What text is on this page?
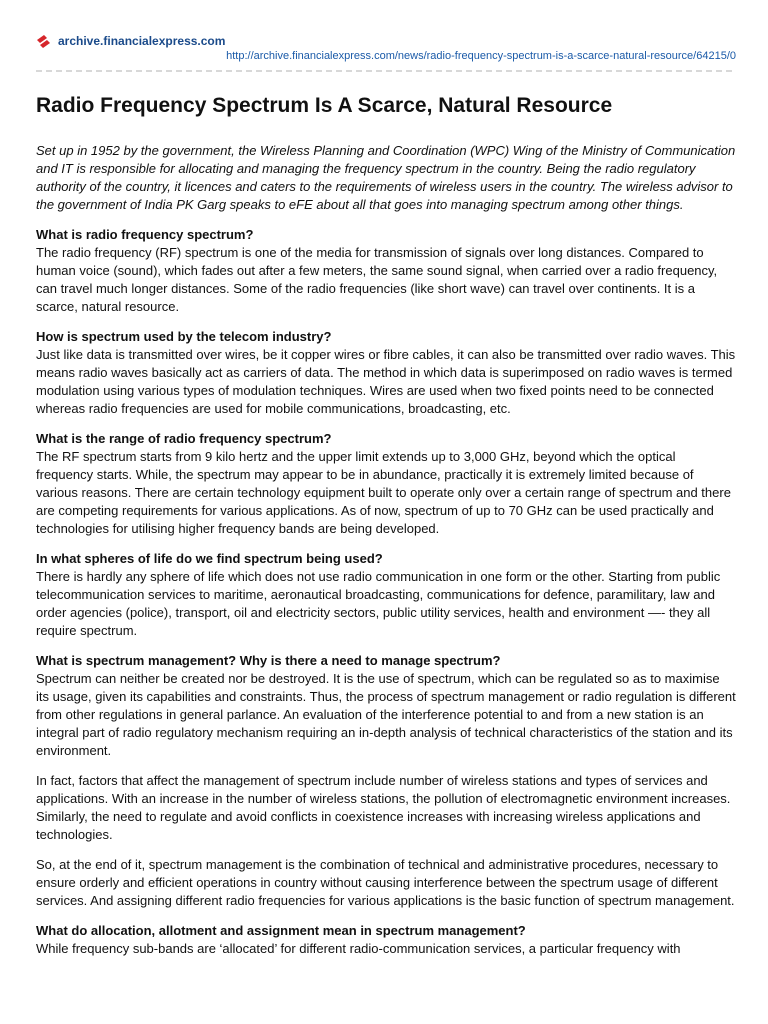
archive.financialexpress.com
http://archive.financialexpress.com/news/radio-frequency-spectrum-is-a-scarce-natural-resource/64215/0
Radio Frequency Spectrum Is A Scarce, Natural Resource

Set up in 1952 by the government, the Wireless Planning and Coordination (WPC) Wing of the Ministry of Communication and IT is responsible for allocating and managing the frequency spectrum in the country. Being the radio regulatory authority of the country, it licences and caters to the requirements of wireless users in the country. The wireless advisor to the government of India PK Garg speaks to eFE about all that goes into managing spectrum among other things.

What is radio frequency spectrum?

The radio frequency (RF) spectrum is one of the media for transmission of signals over long distances. Compared to human voice (sound), which fades out after a few meters, the same sound signal, when carried over a radio frequency, can travel much longer distances. Some of the radio frequencies (like short wave) can travel over continents. It is a scarce, natural resource.

How is spectrum used by the telecom industry?

Just like data is transmitted over wires, be it copper wires or fibre cables, it can also be transmitted over radio waves. This means radio waves basically act as carriers of data. The method in which data is superimposed on radio waves is termed modulation using various types of modulation techniques. Wires are used when two fixed points need to be connected whereas radio frequencies are used for mobile communications, broadcasting, etc.

What is the range of radio frequency spectrum?

The RF spectrum starts from 9 kilo hertz and the upper limit extends up to 3,000 GHz, beyond which the optical frequency starts. While, the spectrum may appear to be in abundance, practically it is extremely limited because of various reasons. There are certain technology equipment built to operate only over a certain range of spectrum and there are competing requirements for various applications. As of now, spectrum of up to 70 GHz can be used practically and technologies for utilising higher frequency bands are being developed.

In what spheres of life do we find spectrum being used?

There is hardly any sphere of life which does not use radio communication in one form or the other. Starting from public telecommunication services to maritime, aeronautical broadcasting, communications for defence, paramilitary, law and order agencies (police), transport, oil and electricity sectors, public utility services, health and environment —- they all require spectrum.

What is spectrum management? Why is there a need to manage spectrum?

Spectrum can neither be created nor be destroyed. It is the use of spectrum, which can be regulated so as to maximise its usage, given its capabilities and constraints. Thus, the process of spectrum management or radio regulation is different from other regulations in general parlance. An evaluation of the interference potential to and from a new station is an integral part of radio regulatory mechanism requiring an in-depth analysis of technical characteristics of the station and its environment.

In fact, factors that affect the management of spectrum include number of wireless stations and types of services and applications. With an increase in the number of wireless stations, the pollution of electromagnetic environment increases. Similarly, the need to regulate and avoid conflicts in coexistence increases with increasing wireless applications and technologies.

So, at the end of it, spectrum management is the combination of technical and administrative procedures, necessary to ensure orderly and efficient operations in country without causing interference between the spectrum usage of different services. And assigning different radio frequencies for various applications is the basic function of spectrum management.

What do allocation, allotment and assignment mean in spectrum management?

While frequency sub-bands are ‘allocated’ for different radio-communication services, a particular frequency with
